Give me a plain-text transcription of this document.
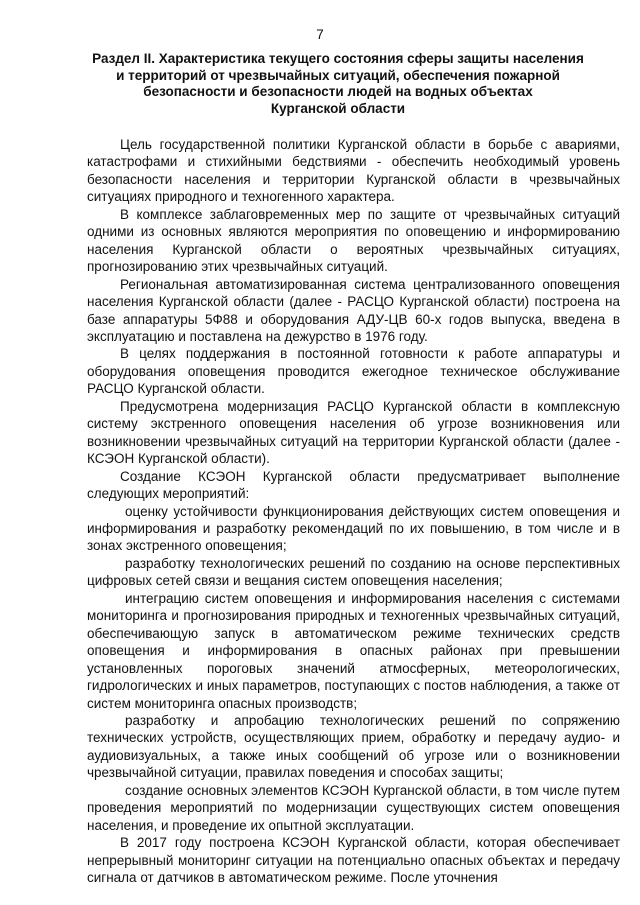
7
Раздел II. Характеристика текущего состояния сферы защиты населения
и территорий от чрезвычайных ситуаций, обеспечения пожарной
безопасности и безопасности людей на водных объектах
Курганской области

Цель государственной политики Курганской области в борьбе с авариями, катастрофами и стихийными бедствиями - обеспечить необходимый уровень безопасности населения и территории Курганской области в чрезвычайных ситуациях природного и техногенного характера.

В комплексе заблаговременных мер по защите от чрезвычайных ситуаций одними из основных являются мероприятия по оповещению и информированию населения Курганской области о вероятных чрезвычайных ситуациях, прогнозированию этих чрезвычайных ситуаций.

Региональная автоматизированная система централизованного оповещения населения Курганской области (далее - РАСЦО Курганской области) построена на базе аппаратуры 5Ф88 и оборудования АДУ-ЦВ 60-х годов выпуска, введена в эксплуатацию и поставлена на дежурство в 1976 году.

В целях поддержания в постоянной готовности к работе аппаратуры и оборудования оповещения проводится ежегодное техническое обслуживание РАСЦО Курганской области.

Предусмотрена модернизация РАСЦО Курганской области в комплексную систему экстренного оповещения населения об угрозе возникновения или возникновении чрезвычайных ситуаций на территории Курганской области (далее - КСЭОН Курганской области).

Создание КСЭОН Курганской области предусматривает выполнение следующих мероприятий:

оценку устойчивости функционирования действующих систем оповещения и информирования и разработку рекомендаций по их повышению, в том числе и в зонах экстренного оповещения;

разработку технологических решений по созданию на основе перспективных цифровых сетей связи и вещания систем оповещения населения;

интеграцию систем оповещения и информирования населения с системами мониторинга и прогнозирования природных и техногенных чрезвычайных ситуаций, обеспечивающую запуск в автоматическом режиме технических средств оповещения и информирования в опасных районах при превышении установленных пороговых значений атмосферных, метеорологических, гидрологических и иных параметров, поступающих с постов наблюдения, а также от систем мониторинга опасных производств;

разработку и апробацию технологических решений по сопряжению технических устройств, осуществляющих прием, обработку и передачу аудио- и аудиовизуальных, а также иных сообщений об угрозе или о возникновении чрезвычайной ситуации, правилах поведения и способах защиты;

создание основных элементов КСЭОН Курганской области, в том числе путем проведения мероприятий по модернизации существующих систем оповещения населения, и проведение их опытной эксплуатации.

В 2017 году построена КСЭОН Курганской области, которая обеспечивает непрерывный мониторинг ситуации на потенциально опасных объектах и передачу сигнала от датчиков в автоматическом режиме. После уточнения
